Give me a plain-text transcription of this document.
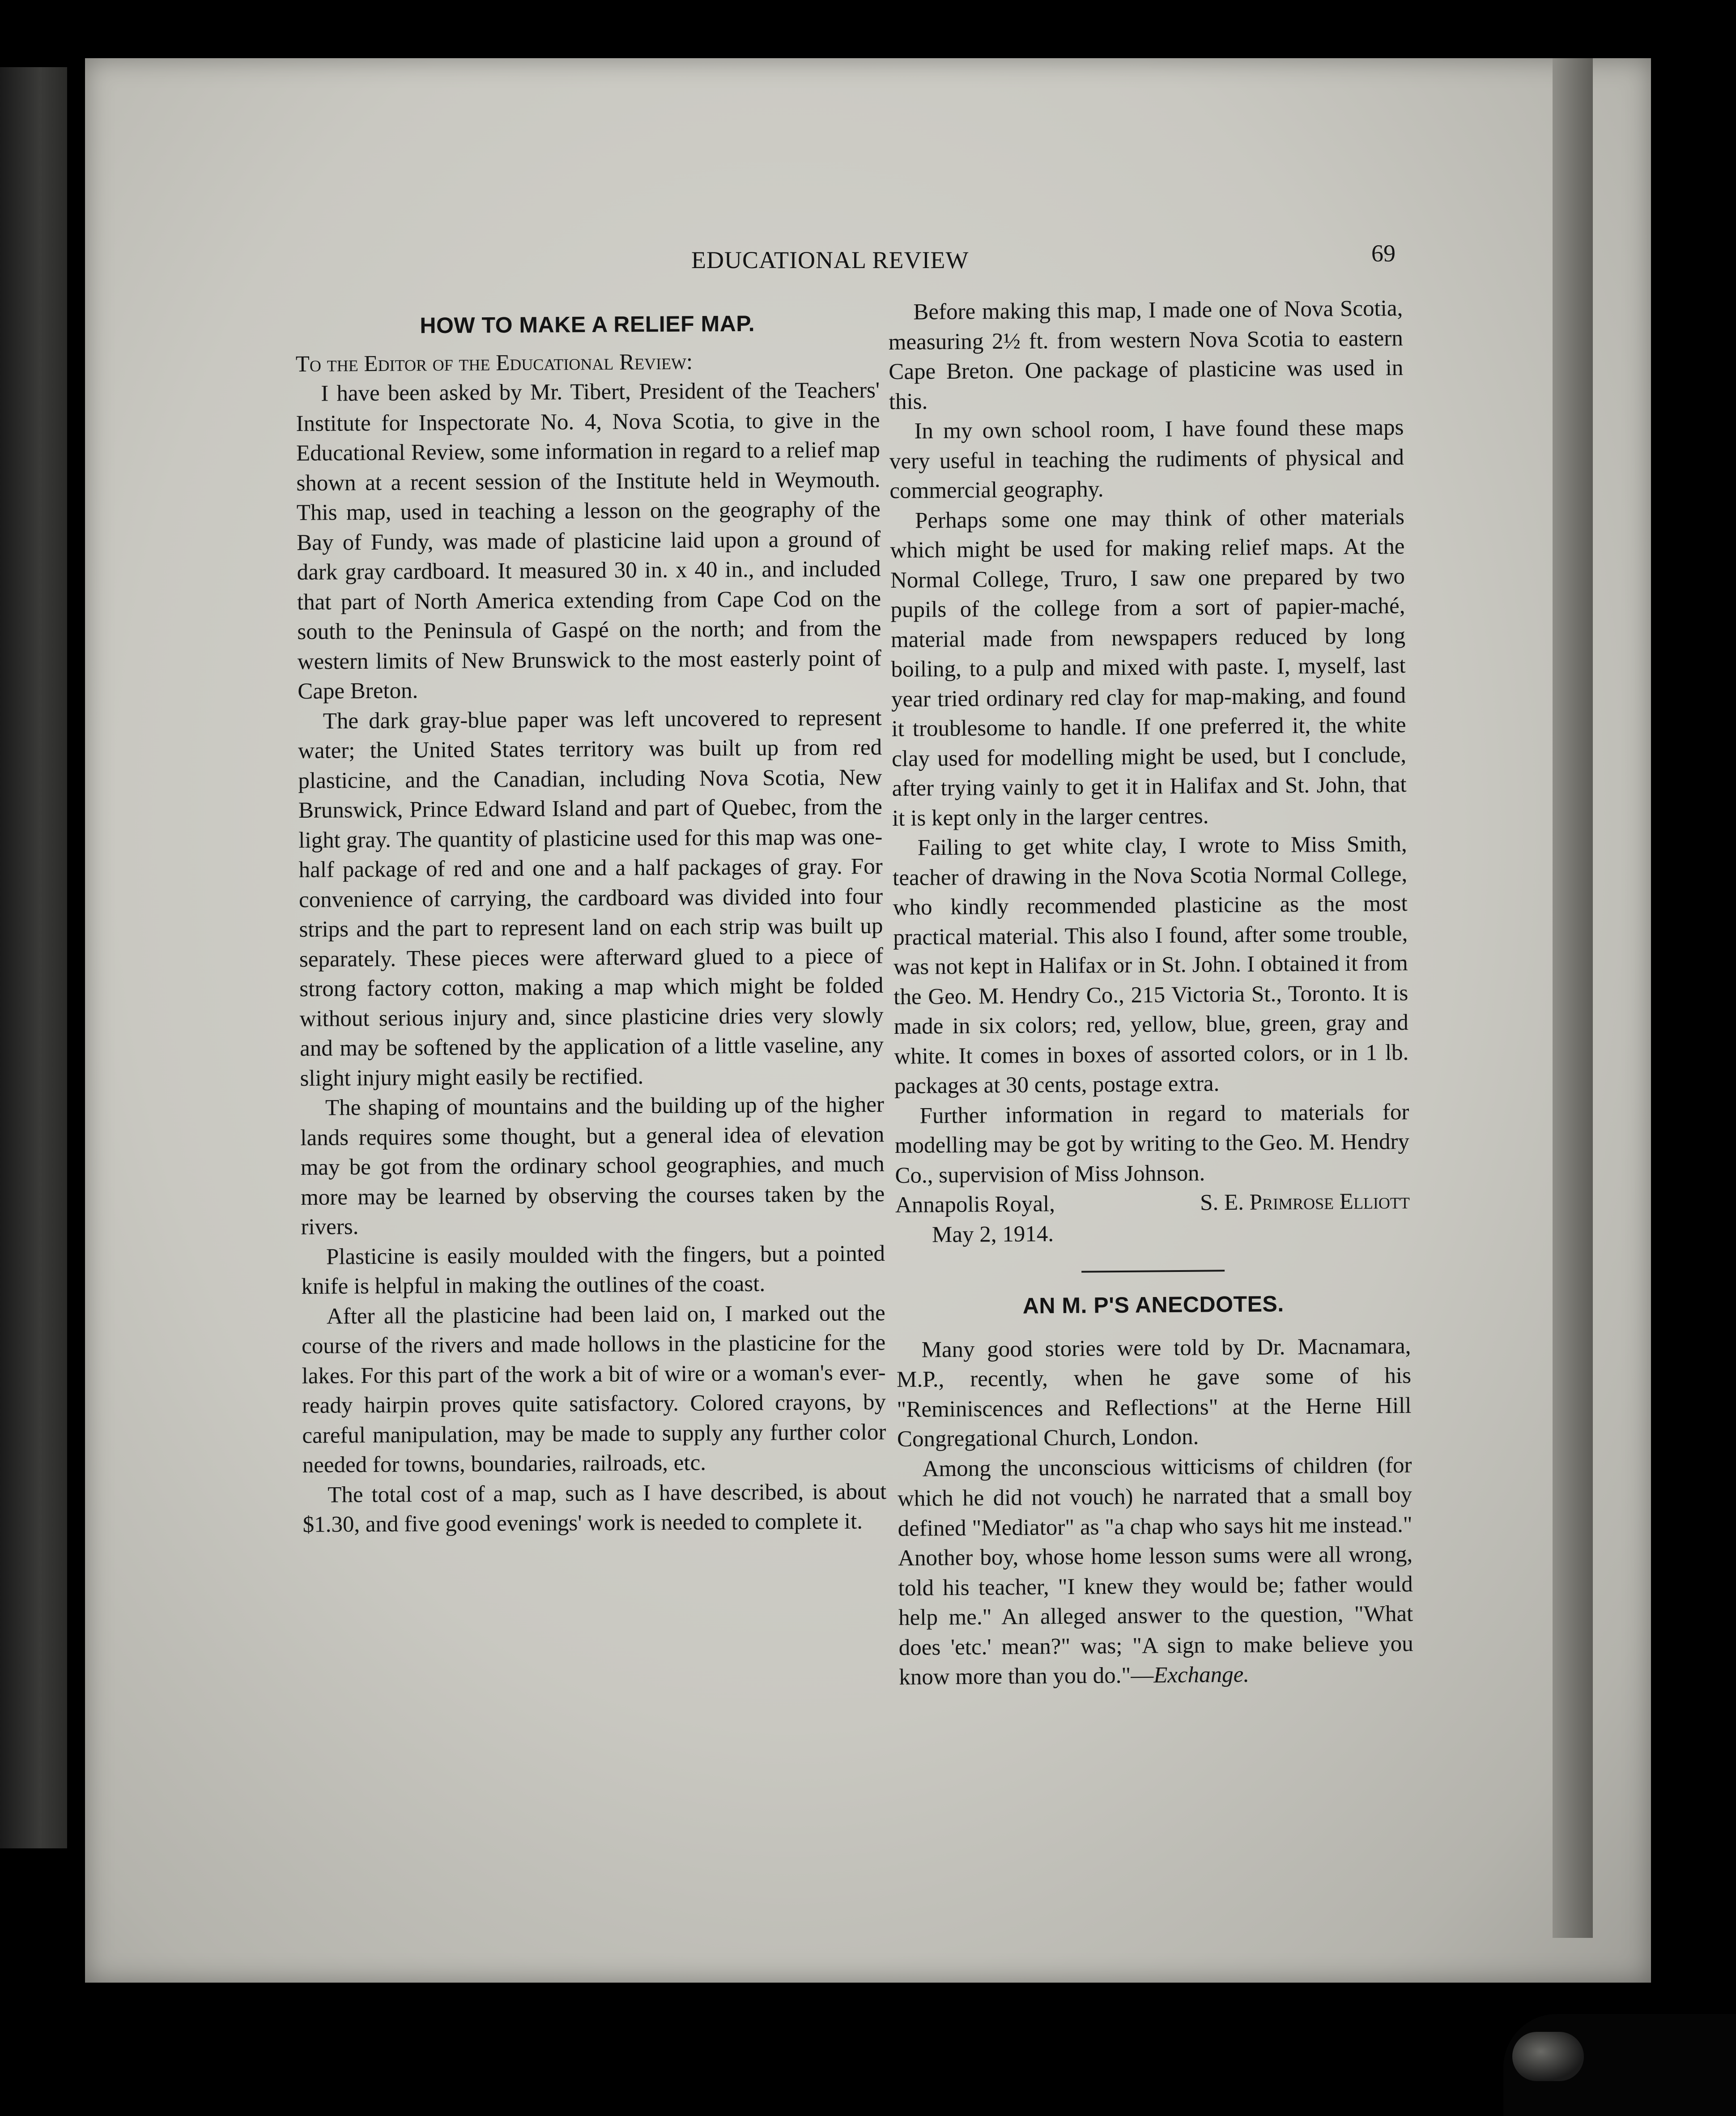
EDUCATIONAL REVIEW	69
HOW TO MAKE A RELIEF MAP.

To the Editor of the Educational Review:

I have been asked by Mr. Tibert, President of the Teachers' Institute for Inspectorate No. 4, Nova Scotia, to give in the Educational Review, some information in regard to a relief map shown at a recent session of the Institute held in Weymouth. This map, used in teaching a lesson on the geography of the Bay of Fundy, was made of plasticine laid upon a ground of dark gray cardboard. It measured 30 in. x 40 in., and included that part of North America extending from Cape Cod on the south to the Peninsula of Gaspé on the north; and from the western limits of New Brunswick to the most easterly point of Cape Breton.

The dark gray-blue paper was left uncovered to represent water; the United States territory was built up from red plasticine, and the Canadian, including Nova Scotia, New Brunswick, Prince Edward Island and part of Quebec, from the light gray. The quantity of plasticine used for this map was one-half package of red and one and a half packages of gray. For convenience of carrying, the cardboard was divided into four strips and the part to represent land on each strip was built up separately. These pieces were afterward glued to a piece of strong factory cotton, making a map which might be folded without serious injury and, since plasticine dries very slowly and may be softened by the application of a little vaseline, any slight injury might easily be rectified.

The shaping of mountains and the building up of the higher lands requires some thought, but a general idea of elevation may be got from the ordinary school geographies, and much more may be learned by observing the courses taken by the rivers.

Plasticine is easily moulded with the fingers, but a pointed knife is helpful in making the outlines of the coast.

After all the plasticine had been laid on, I marked out the course of the rivers and made hollows in the plasticine for the lakes. For this part of the work a bit of wire or a woman's ever-ready hairpin proves quite satisfactory. Colored crayons, by careful manipulation, may be made to supply any further color needed for towns, boundaries, railroads, etc.

The total cost of a map, such as I have described, is about $1.30, and five good evenings' work is needed to complete it.

Before making this map, I made one of Nova Scotia, measuring 2½ ft. from western Nova Scotia to eastern Cape Breton. One package of plasticine was used in this.

In my own school room, I have found these maps very useful in teaching the rudiments of physical and commercial geography.

Perhaps some one may think of other materials which might be used for making relief maps. At the Normal College, Truro, I saw one prepared by two pupils of the college from a sort of papier-maché, material made from newspapers reduced by long boiling, to a pulp and mixed with paste. I, myself, last year tried ordinary red clay for map-making, and found it troublesome to handle. If one preferred it, the white clay used for modelling might be used, but I conclude, after trying vainly to get it in Halifax and St. John, that it is kept only in the larger centres.

Failing to get white clay, I wrote to Miss Smith, teacher of drawing in the Nova Scotia Normal College, who kindly recommended plasticine as the most practical material. This also I found, after some trouble, was not kept in Halifax or in St. John. I obtained it from the Geo. M. Hendry Co., 215 Victoria St., Toronto. It is made in six colors; red, yellow, blue, green, gray and white. It comes in boxes of assorted colors, or in 1 lb. packages at 30 cents, postage extra.

Further information in regard to materials for modelling may be got by writing to the Geo. M. Hendry Co., supervision of Miss Johnson.

Annapolis Royal,	S. E. Primrose Elliott
May 2, 1914.
AN M. P'S ANECDOTES.

Many good stories were told by Dr. Macnamara, M.P., recently, when he gave some of his "Reminiscences and Reflections" at the Herne Hill Congregational Church, London.

Among the unconscious witticisms of children (for which he did not vouch) he narrated that a small boy defined "Mediator" as "a chap who says hit me instead." Another boy, whose home lesson sums were all wrong, told his teacher, "I knew they would be; father would help me." An alleged answer to the question, "What does 'etc.' mean?" was; "A sign to make believe you know more than you do."—Exchange.
